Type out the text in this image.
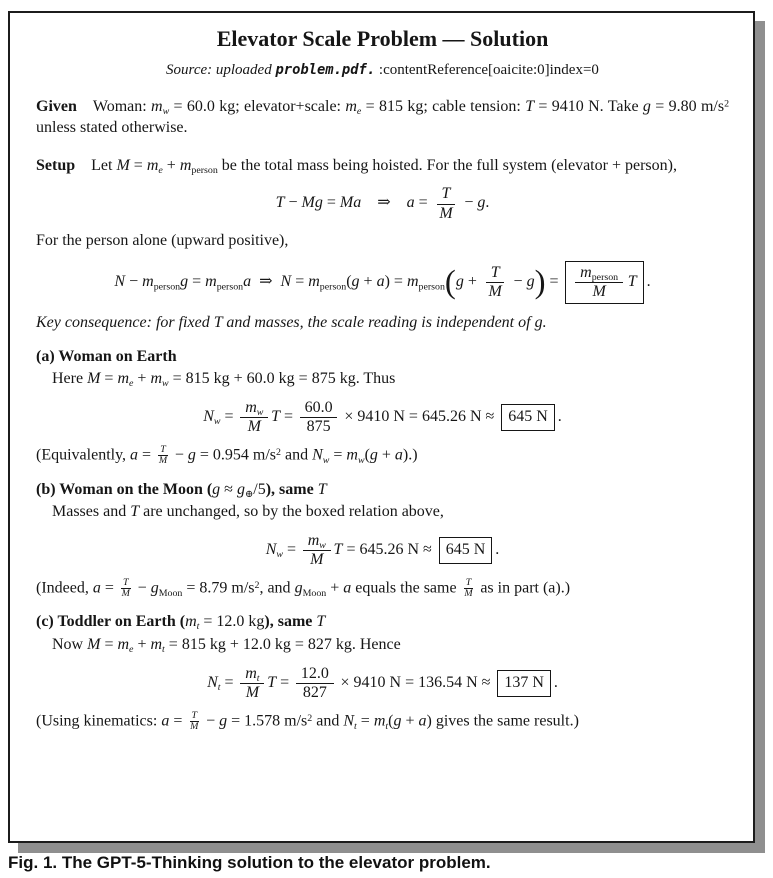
Elevator Scale Problem — Solution
Source: uploaded problem.pdf. :contentReference[oaicite:0]index=0
Given Woman: mw = 60.0 kg; elevator+scale: me = 815 kg; cable tension: T = 9410 N. Take g = 9.80 $m/s^2$ unless stated otherwise.
Setup Let M = me + mperson be the total mass being hoisted. For the full system (elevator + person),
T − Mg = Ma ⇒ $a = \frac{T}{M} - g$.
For the person alone (upward positive),
N − mpersong = mpersona ⇒ N = mperson(g + a) = mperson(g + $\frac{T}{M} - g) = \frac{\text{mperson}}{M}$ T .
Key consequence: for fixed T and masses, the scale reading is independent of g.
(a) Woman on Earth
Here M = me + mw = 815 kg + 60.0 kg = 875 kg. Thus
$Nw = \frac{mw}{M}$ $T = \frac{60.0}{875} \times 9410$ N = 645.26 N ≈ 645 N .
(Equivalently, $a = \frac{T}{M} - g = 0.954$ $m/s^2$ and Nw = mw(g + a).)
(b) Woman on the Moon (g ≈ g⊕/5), same T
Masses and T are unchanged, so by the boxed relation above,
$Nw = \frac{mw}{M}$ T = 645.26 N ≈ 645 N .
(Indeed, $a = \frac{T}{M}$ − gMoon = 8.79 $m/s^2$, and gMoon + a equals the same $\frac{T}{M}$ as in part (a).)
(c) Toddler on Earth (mt = 12.0 kg), same T
Now M = me + mt = 815 kg + 12.0 kg = 827 kg. Hence
$Nt = \frac{mt}{M}$ $T = \frac{12.0}{827} \times 9410$ N = 136.54 N ≈ 137 N .
(Using kinematics: $a = \frac{T}{M} - g = 1.578$ $m/s^2$ and Nt = mt(g + a) gives the same result.)
Fig. 1. The GPT-5-Thinking solution to the elevator problem.
